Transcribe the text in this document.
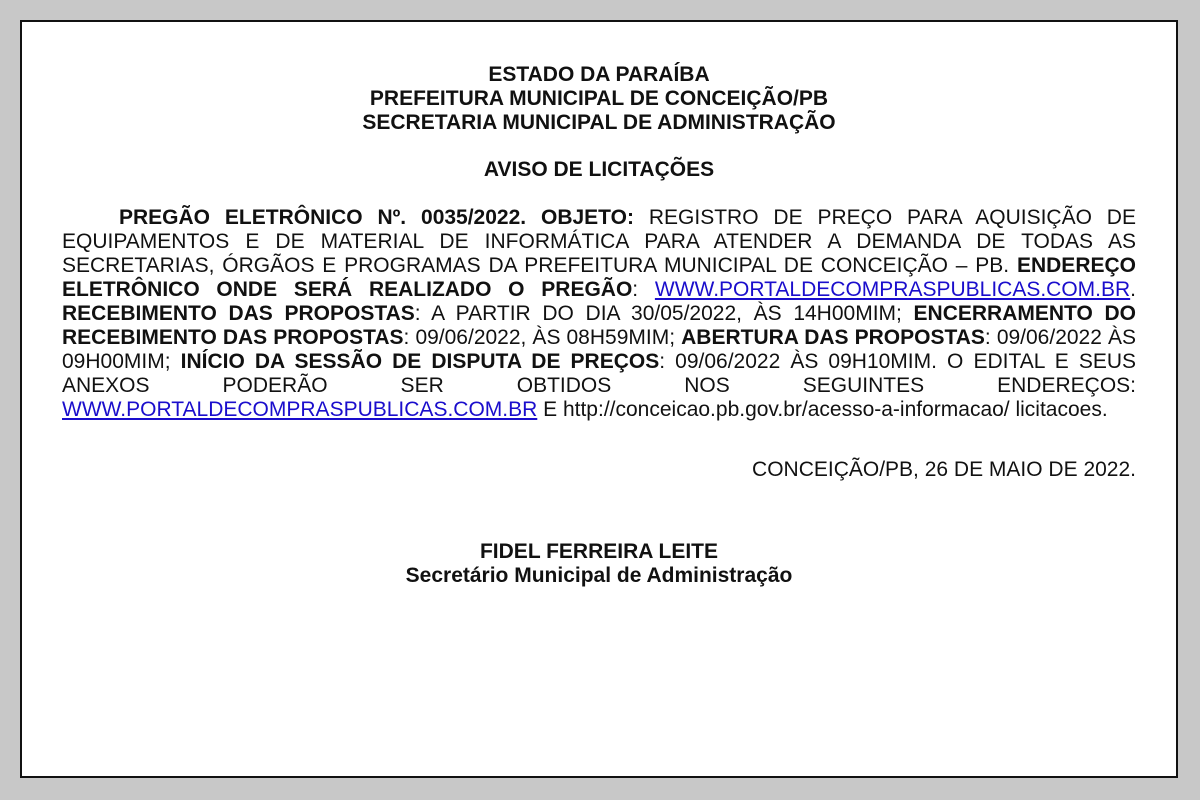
ESTADO DA PARAÍBA
PREFEITURA MUNICIPAL DE CONCEIÇÃO/PB
SECRETARIA MUNICIPAL DE ADMINISTRAÇÃO
AVISO DE LICITAÇÕES
PREGÃO ELETRÔNICO Nº. 0035/2022. OBJETO: REGISTRO DE PREÇO PARA AQUISIÇÃO DE EQUIPAMENTOS E DE MATERIAL DE INFORMÁTICA PARA ATENDER A DEMANDA DE TODAS AS SECRETARIAS, ÓRGÃOS E PROGRAMAS DA PREFEITURA MUNICIPAL DE CONCEIÇÃO – PB. ENDEREÇO ELETRÔNICO ONDE SERÁ REALIZADO O PREGÃO: WWW.PORTALDECOMPRASPUBLICAS.COM.BR. RECEBIMENTO DAS PROPOSTAS: A PARTIR DO DIA 30/05/2022, ÀS 14H00MIM; ENCERRAMENTO DO RECEBIMENTO DAS PROPOSTAS: 09/06/2022, ÀS 08H59MIM; ABERTURA DAS PROPOSTAS: 09/06/2022 ÀS 09H00MIM; INÍCIO DA SESSÃO DE DISPUTA DE PREÇOS: 09/06/2022 ÀS 09H10MIM. O EDITAL E SEUS ANEXOS PODERÃO SER OBTIDOS NOS SEGUINTES ENDEREÇOS: WWW.PORTALDECOMPRASPUBLICAS.COM.BR E http://conceicao.pb.gov.br/acesso-a-informacao/ licitacoes.
CONCEIÇÃO/PB, 26 DE MAIO DE 2022.
FIDEL FERREIRA LEITE
Secretário Municipal de Administração
